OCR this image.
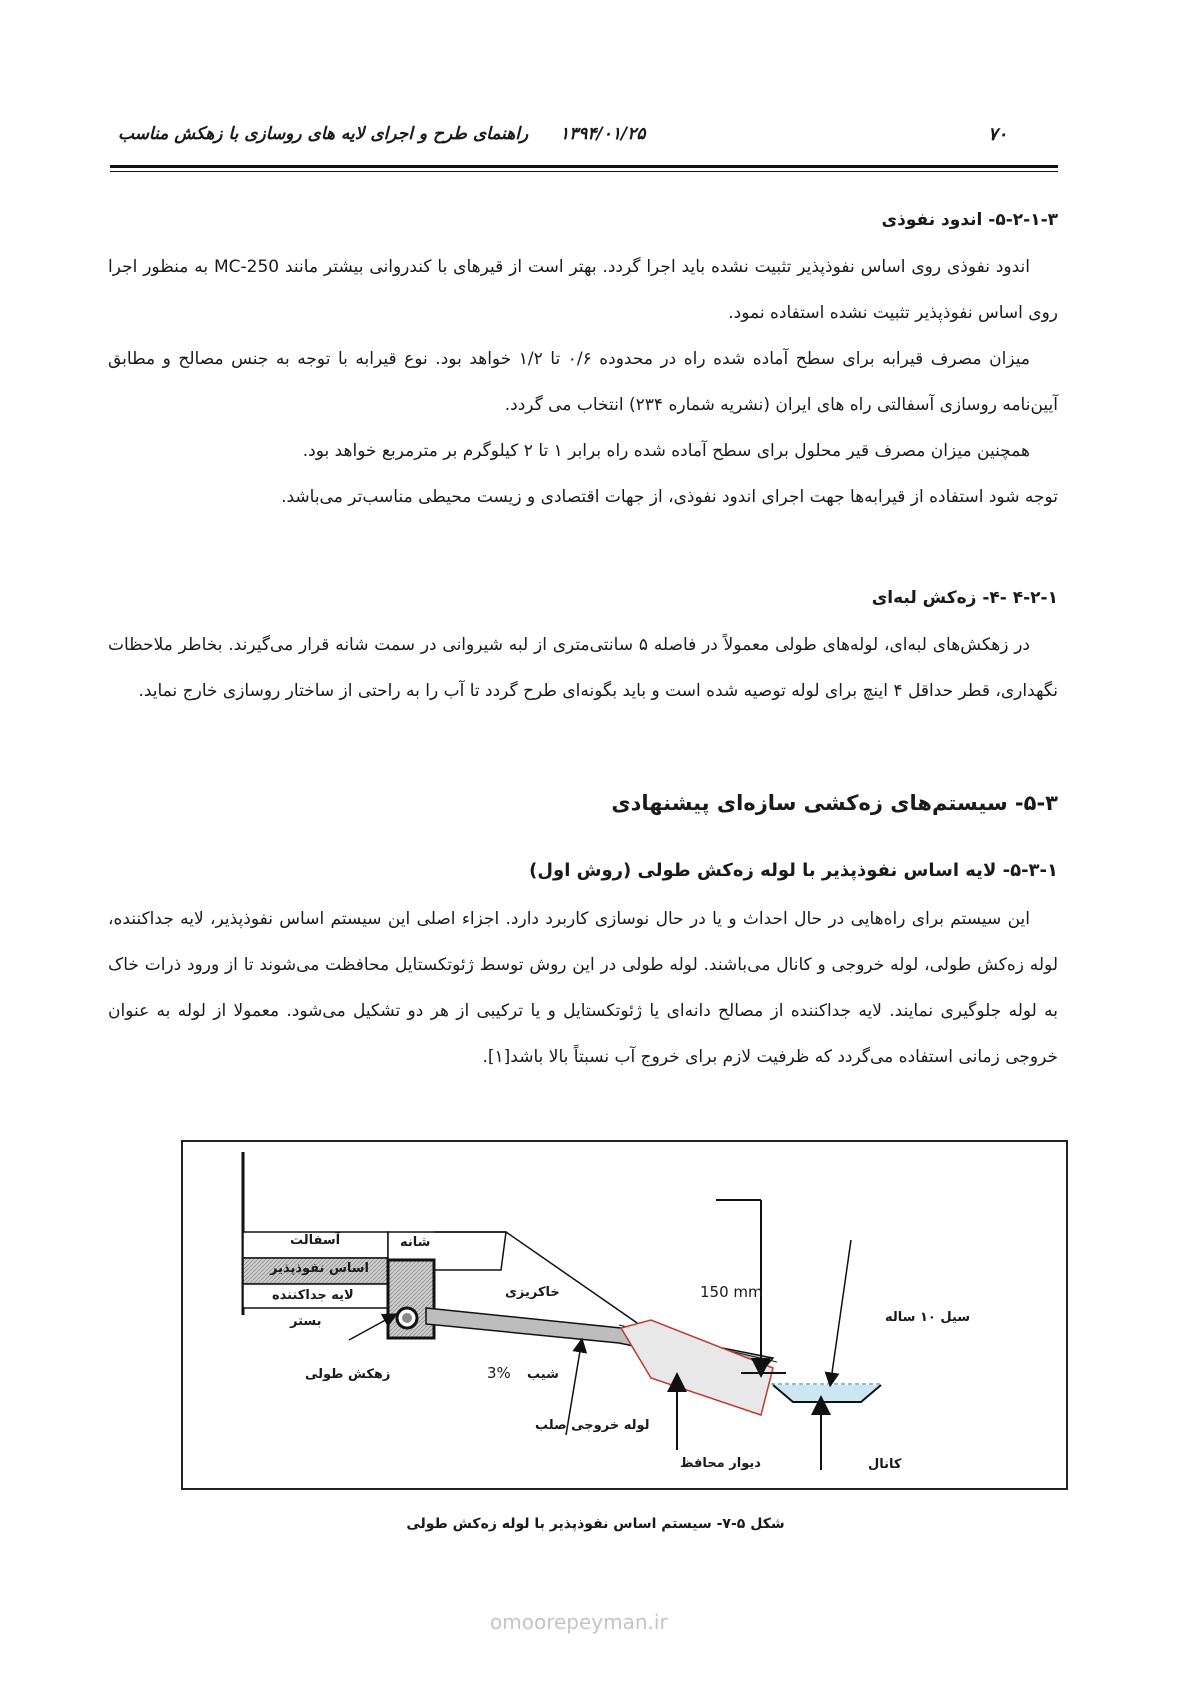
۷۰
۱۳۹۴/۰۱/۲۵
راهنمای طرح و اجرای لایه های روسازی با زهکش مناسب
۵-۲-۱-۳- اندود نفوذی

اندود نفوذی روی اساس نفوذپذیر تثبیت نشده باید اجرا گردد. بهتر است از قیرهای با کندروانی بیشتر مانند MC-250 به منظور اجرا روی اساس نفوذپذیر تثبیت نشده استفاده نمود.

میزان مصرف قیرابه برای سطح آماده شده راه در محدوده ۰/۶ تا ۱/۲ خواهد بود. نوع قیرابه با توجه به جنس مصالح و مطابق آیین‌نامه روسازی آسفالتی راه های ایران (نشریه شماره ۲۳۴) انتخاب می گردد.

همچنین میزان مصرف قیر محلول برای سطح آماده شده راه برابر ۱ تا ۲ کیلوگرم بر مترمربع خواهد بود.

توجه شود استفاده از قیرابه‌ها جهت اجرای اندود نفوذی، از جهات اقتصادی و زیست محیطی مناسب‌تر می‌باشد.

۴-۲-۱ -۴- زه‌کش لبه‌ای

در زهکش‌های لبه‌ای، لوله‌های طولی معمولاً در فاصله ۵ سانتی‌متری از لبه شیروانی در سمت شانه قرار می‌گیرند. بخاطر ملاحظات نگهداری، قطر حداقل ۴ اینچ برای لوله توصیه شده است و باید بگونه‌ای طرح گردد تا آب را به راحتی از ساختار روسازی خارج نماید.

۵-۳- سیستم‌های زه‌کشی سازه‌ای پیشنهادی
۵-۳-۱- لایه اساس نفوذپذیر با لوله زه‌کش طولی (روش اول)

این سیستم برای راه‌هایی در حال احداث و یا در حال نوسازی کاربرد دارد. اجزاء اصلی این سیستم اساس نفوذپذیر، لایه جداکننده، لوله زه‌کش طولی، لوله خروجی و کانال می‌باشند. لوله طولی در این روش توسط ژئوتکستایل محافظت می‌شوند تا از ورود ذرات خاک به لوله جلوگیری نمایند. لایه جداکننده از مصالح دانه‌ای یا ژئوتکستایل و یا ترکیبی از هر دو تشکیل می‌شود. معمولا از لوله به عنوان خروجی زمانی استفاده می‌گردد که ظرفیت لازم برای خروج آب نسبتاً بالا باشد[۱].

آسفالت	شانه
اساس نفوذپذیر
لایه جداکننده
بستر
خاکریزی	150 mm
سیل ۱۰ ساله
زهکش طولی	شیب
3%
لوله خروجی صلب
دیوار محافظ	کانال
شکل ۵-۷- سیستم اساس نفوذپذیر با لوله زه‌کش طولی
omoorepeyman.ir
